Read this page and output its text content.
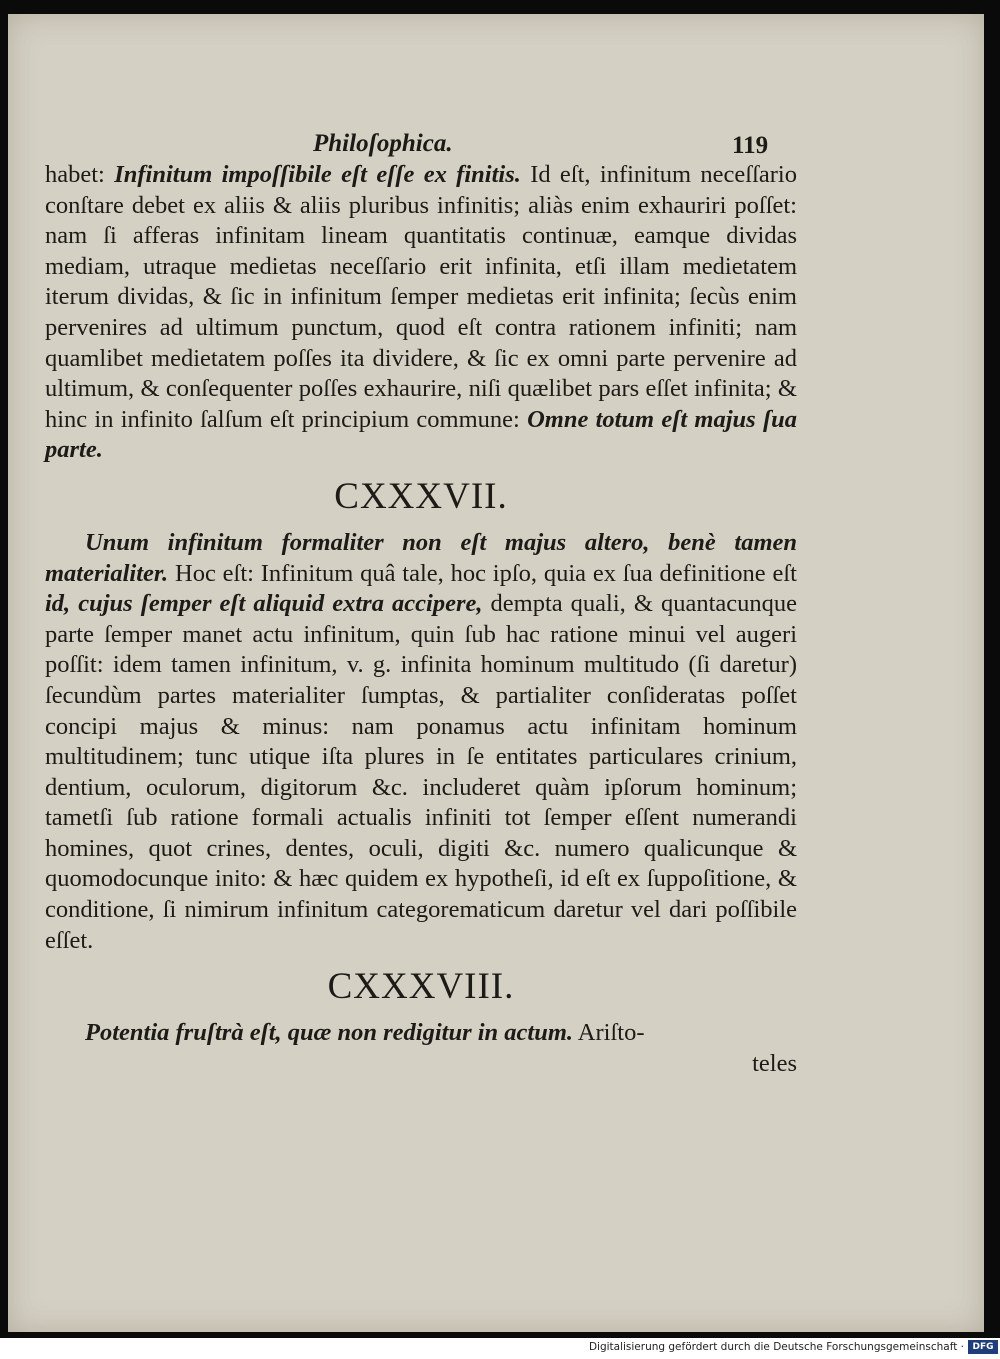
Philoſophica.	119

habet: Infinitum impoſſibile eſt eſſe ex finitis. Id eſt, infinitum neceſſario conſtare debet ex aliis & aliis pluribus infinitis; aliàs enim exhauriri poſſet: nam ſi afferas infinitam lineam quantitatis continuæ, eamque dividas mediam, utraque medietas neceſſario erit infinita, etſi illam medietatem iterum dividas, & ſic in infinitum ſemper medietas erit infinita; ſecùs enim pervenires ad ultimum punctum, quod eſt contra rationem infiniti; nam quamlibet medietatem poſſes ita dividere, & ſic ex omni parte pervenire ad ultimum, & conſequenter poſſes exhaurire, niſi quælibet pars eſſet infinita; & hinc in infinito ſalſum eſt principium commune: Omne totum eſt majus ſua parte.

CXXXVII.

Unum infinitum formaliter non eſt majus altero, benè tamen materialiter. Hoc eſt: Infinitum quâ tale, hoc ipſo, quia ex ſua definitione eſt id, cujus ſemper eſt aliquid extra accipere, dempta quali, & quantacunque parte ſemper manet actu infinitum, quin ſub hac ratione minui vel augeri poſſit: idem tamen infinitum, v. g. infinita hominum multitudo (ſi daretur) ſecundùm partes materialiter ſumptas, & partialiter conſideratas poſſet concipi majus & minus: nam ponamus actu infinitam hominum multitudinem; tunc utique iſta plures in ſe entitates particulares crinium, dentium, oculorum, digitorum &c. includeret quàm ipſorum hominum; tametſi ſub ratione formali actualis infiniti tot ſemper eſſent numerandi homines, quot crines, dentes, oculi, digiti &c. numero qualicunque & quomodocunque inito: & hæc quidem ex hypotheſi, id eſt ex ſuppoſitione, & conditione, ſi nimirum infinitum categorematicum daretur vel dari poſſibile eſſet.

CXXXVIII.

Potentia fruſtrà eſt, quæ non redigitur in actum. Ariſto-

teles

Digitalisierung gefördert durch die Deutsche Forschungsgemeinschaft · DFG
